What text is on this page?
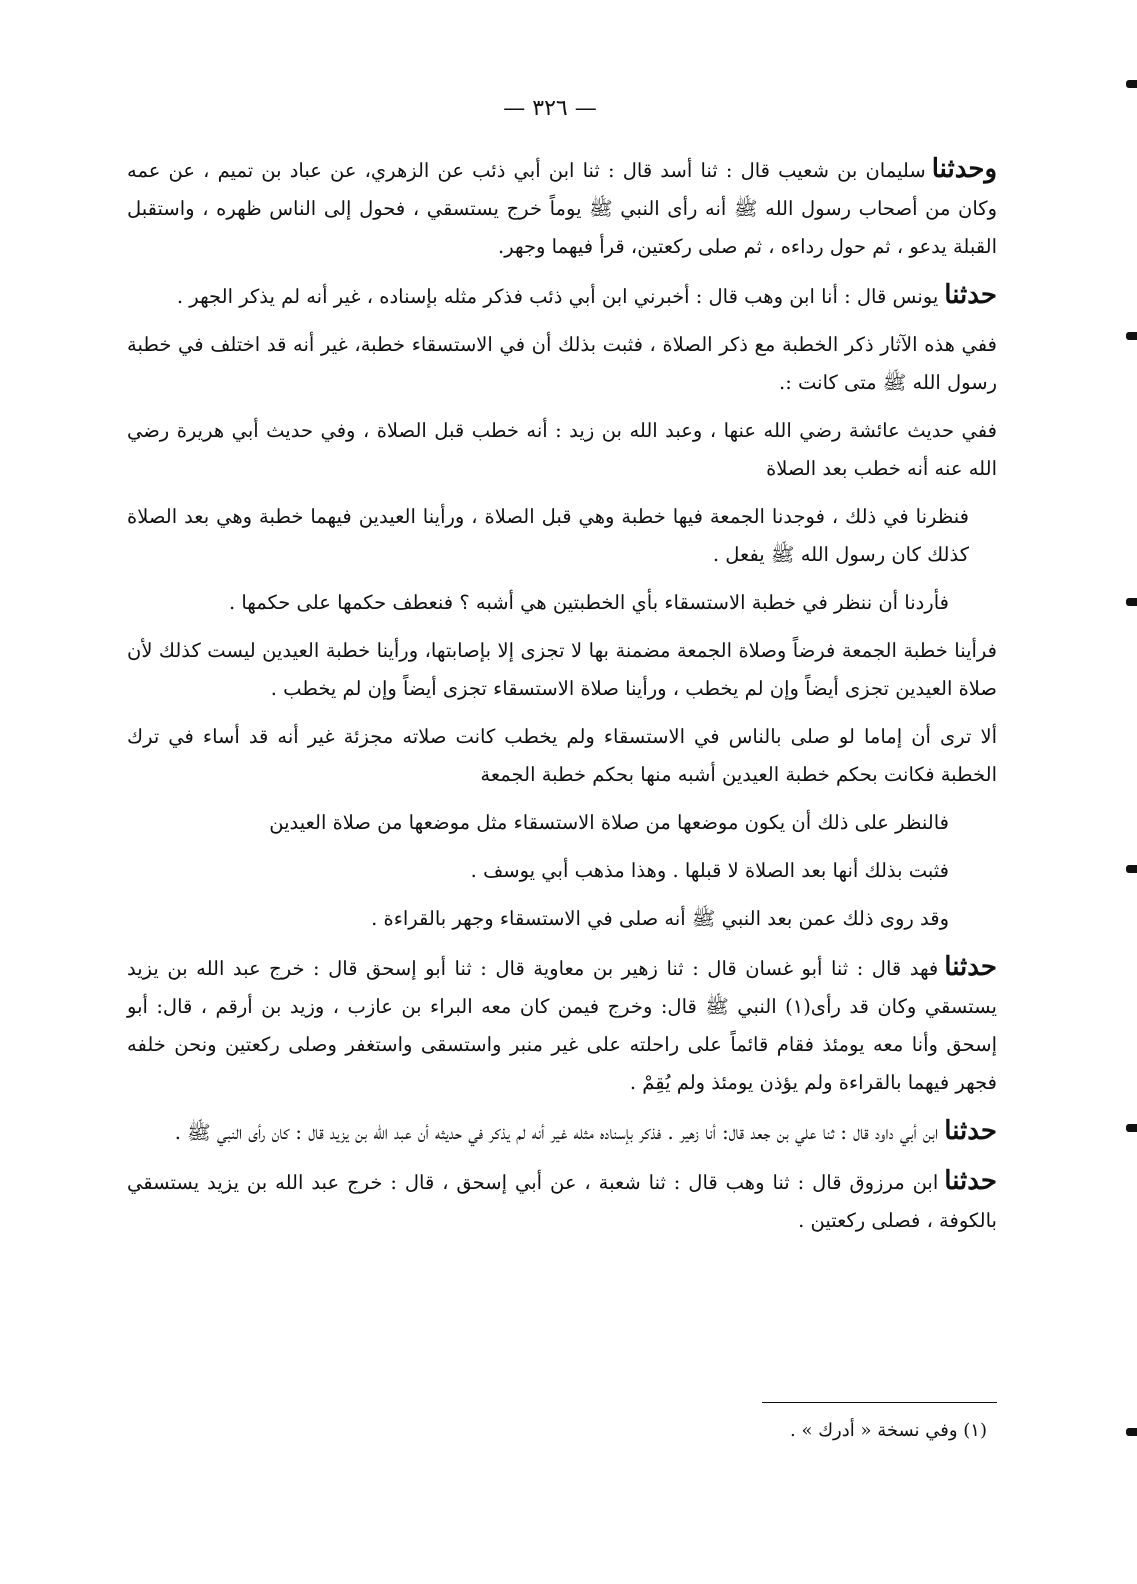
— ٣٢٦ —

وحدثناسليمان بن شعيب قال : ثنا أسد قال : ثنا ابن أبي ذئب عن الزهري، عن عباد بن تميم ، عن عمه وكان من أصحاب رسول الله ﷺ أنه رأى النبي ﷺ يوماً خرج يستسقي ، فحول إلى الناس ظهره ، واستقبل القبلة يدعو ، ثم حول رداءه ، ثم صلى ركعتين، قرأ فيهما وجهر.

حدثنايونس قال : أنا ابن وهب قال : أخبرني ابن أبي ذئب فذكر مثله بإسناده ، غير أنه لم يذكر الجهر .

ففي هذه الآثار ذكر الخطبة مع ذكر الصلاة ، فثبت بذلك أن في الاستسقاء خطبة، غير أنه قد اختلف في خطبة رسول الله ﷺ متى كانت :.

ففي حديث عائشة رضي الله عنها ، وعبد الله بن زيد : أنه خطب قبل الصلاة ، وفي حديث أبي هريرة رضي الله عنه أنه خطب بعد الصلاة

فنظرنا في ذلك ، فوجدنا الجمعة فيها خطبة وهي قبل الصلاة ، ورأينا العيدين فيهما خطبة وهي بعد الصلاة كذلك كان رسول الله ﷺ يفعل .

فأردنا أن ننظر في خطبة الاستسقاء بأي الخطبتين هي أشبه ؟ فنعطف حكمها على حكمها .

فرأينا خطبة الجمعة فرضاً وصلاة الجمعة مضمنة بها لا تجزى إلا بإصابتها، ورأينا خطبة العيدين ليست كذلك لأن صلاة العيدين تجزى أيضاً وإن لم يخطب ، ورأينا صلاة الاستسقاء تجزى أيضاً وإن لم يخطب .

ألا ترى أن إماما لو صلى بالناس في الاستسقاء ولم يخطب كانت صلاته مجزئة غير أنه قد أساء في ترك الخطبة فكانت بحكم خطبة العيدين أشبه منها بحكم خطبة الجمعة

فالنظر على ذلك أن يكون موضعها من صلاة الاستسقاء مثل موضعها من صلاة العيدين

فثبت بذلك أنها بعد الصلاة لا قبلها . وهذا مذهب أبي يوسف .

وقد روى ذلك عمن بعد النبي ﷺ أنه صلى في الاستسقاء وجهر بالقراءة .

حدثنافهد قال : ثنا أبو غسان قال : ثنا زهير بن معاوية قال : ثنا أبو إسحق قال : خرج عبد الله بن يزيد يستسقي وكان قد رأى(١) النبي ﷺ قال: وخرج فيمن كان معه البراء بن عازب ، وزيد بن أرقم ، قال: أبو إسحق وأنا معه يومئذ فقام قائماً على راحلته على غير منبر واستسقى واستغفر وصلى ركعتين ونحن خلفه فجهر فيهما بالقراءة ولم يؤذن يومئذ ولم يُقِمْ .

حدثناابن أبي داود قال : ثنا علي بن جعد قال: أنا زهير . فذكر بإسناده مثله غير أنه لم يذكر في حديثه أن عبد الله بن يزيد قال : كان رأى النبي ﷺ .

حدثناابن مرزوق قال : ثنا وهب قال : ثنا شعبة ، عن أبي إسحق ، قال : خرج عبد الله بن يزيد يستسقي بالكوفة ، فصلى ركعتين .

(١) وفي نسخة « أدرك » .
